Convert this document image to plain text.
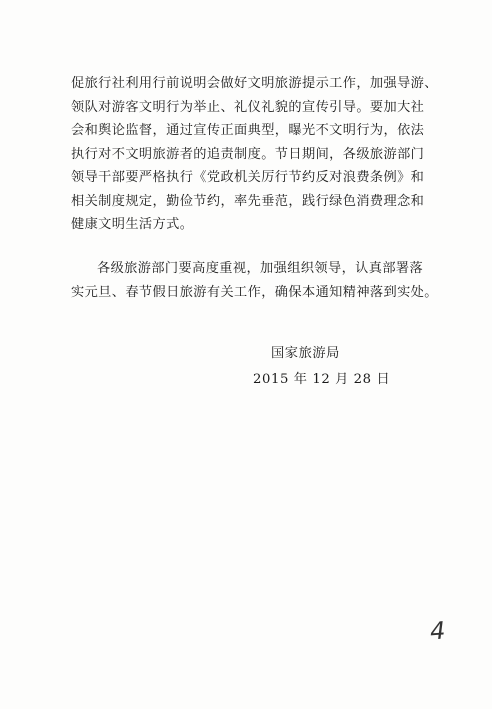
促旅行社利用行前说明会做好文明旅游提示工作，加强导游、
领队对游客文明行为举止、礼仪礼貌的宣传引导。要加大社
会和舆论监督，通过宣传正面典型，曝光不文明行为，依法
执行对不文明旅游者的追责制度。节日期间，各级旅游部门
领导干部要严格执行《党政机关厉行节约反对浪费条例》和
相关制度规定，勤俭节约，率先垂范，践行绿色消费理念和
健康文明生活方式。
各级旅游部门要高度重视，加强组织领导，认真部署落
实元旦、春节假日旅游有关工作，确保本通知精神落到实处。
国家旅游局
2015 年 12 月 28 日
4
